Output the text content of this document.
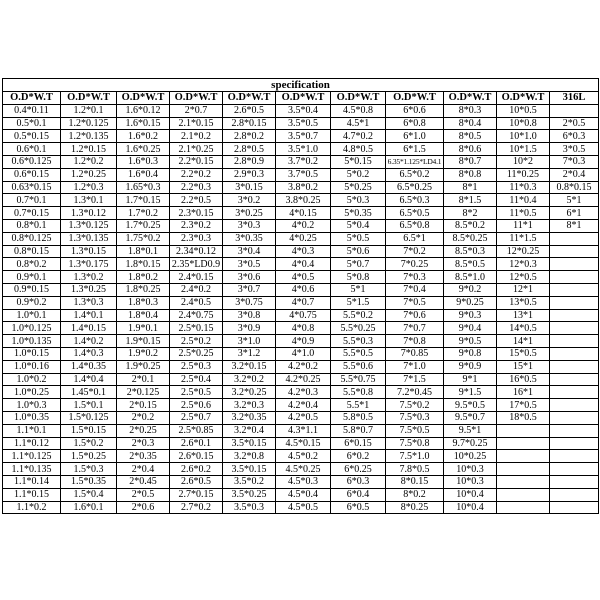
specification										
O.D*W.T	O.D*W.T	O.D*W.T	O.D*W.T	O.D*W.T	O.D*W.T	O.D*W.T	O.D*W.T	O.D*W.T	O.D*W.T	316L
0.4*0.11	1.2*0.1	1.6*0.12	2*0.7	2.6*0.5	3.5*0.4	4.5*0.8	6*0.6	8*0.3	10*0.5	
0.5*0.1	1.2*0.125	1.6*0.15	2.1*0.15	2.8*0.15	3.5*0.5	4.5*1	6*0.8	8*0.4	10*0.8	2*0.5
0.5*0.15	1.2*0.135	1.6*0.2	2.1*0.2	2.8*0.2	3.5*0.7	4.7*0.2	6*1.0	8*0.5	10*1.0	6*0.3
0.6*0.1	1.2*0.15	1.6*0.25	2.1*0.25	2.8*0.5	3.5*1.0	4.8*0.5	6*1.5	8*0.6	10*1.5	3*0.5
0.6*0.125	1.2*0.2	1.6*0.3	2.2*0.15	2.8*0.9	3.7*0.2	5*0.15	6.35*1.125*LD4.1	8*0.7	10*2	7*0.3
0.6*0.15	1.2*0.25	1.6*0.4	2.2*0.2	2.9*0.3	3.7*0.5	5*0.2	6.5*0.2	8*0.8	11*0.25	2*0.4
0.63*0.15	1.2*0.3	1.65*0.3	2.2*0.3	3*0.15	3.8*0.2	5*0.25	6.5*0.25	8*1	11*0.3	0.8*0.15
0.7*0.1	1.3*0.1	1.7*0.15	2.2*0.5	3*0.2	3.8*0.25	5*0.3	6.5*0.3	8*1.5	11*0.4	5*1
0.7*0.15	1.3*0.12	1.7*0.2	2.3*0.15	3*0.25	4*0.15	5*0.35	6.5*0.5	8*2	11*0.5	6*1
0.8*0.1	1.3*0.125	1.7*0.25	2.3*0.2	3*0.3	4*0.2	5*0.4	6.5*0.8	8.5*0.2	11*1	8*1
0.8*0.125	1.3*0.135	1.75*0.2	2.3*0.3	3*0.35	4*0.25	5*0.5	6.5*1	8.5*0.25	11*1.5	
0.8*0.15	1.3*0.15	1.8*0.1	2.34*0.12	3*0.4	4*0.3	5*0.6	7*0.2	8.5*0.3	12*0.25	
0.8*0.2	1.3*0.175	1.8*0.15	2.35*LD0.9	3*0.5	4*0.4	5*0.7	7*0.25	8.5*0.5	12*0.3	
0.9*0.1	1.3*0.2	1.8*0.2	2.4*0.15	3*0.6	4*0.5	5*0.8	7*0.3	8.5*1.0	12*0.5	
0.9*0.15	1.3*0.25	1.8*0.25	2.4*0.2	3*0.7	4*0.6	5*1	7*0.4	9*0.2	12*1	
0.9*0.2	1.3*0.3	1.8*0.3	2.4*0.5	3*0.75	4*0.7	5*1.5	7*0.5	9*0.25	13*0.5	
1.0*0.1	1.4*0.1	1.8*0.4	2.4*0.75	3*0.8	4*0.75	5.5*0.2	7*0.6	9*0.3	13*1	
1.0*0.125	1.4*0.15	1.9*0.1	2.5*0.15	3*0.9	4*0.8	5.5*0.25	7*0.7	9*0.4	14*0.5	
1.0*0.135	1.4*0.2	1.9*0.15	2.5*0.2	3*1.0	4*0.9	5.5*0.3	7*0.8	9*0.5	14*1	
1.0*0.15	1.4*0.3	1.9*0.2	2.5*0.25	3*1.2	4*1.0	5.5*0.5	7*0.85	9*0.8	15*0.5	
1.0*0.16	1.4*0.35	1.9*0.25	2.5*0.3	3.2*0.15	4.2*0.2	5.5*0.6	7*1.0	9*0.9	15*1	
1.0*0.2	1.4*0.4	2*0.1	2.5*0.4	3.2*0.2	4.2*0.25	5.5*0.75	7*1.5	9*1	16*0.5	
1.0*0.25	1.45*0.1	2*0.125	2.5*0.5	3.2*0.25	4.2*0.3	5.5*0.8	7.2*0.45	9*1.5	16*1	
1.0*0.3	1.5*0.1	2*0.15	2.5*0.6	3.2*0.3	4.2*0.4	5.5*1	7.5*0.2	9.5*0.5	17*0.5	
1.0*0.35	1.5*0.125	2*0.2	2.5*0.7	3.2*0.35	4.2*0.5	5.8*0.5	7.5*0.3	9.5*0.7	18*0.5	
1.1*0.1	1.5*0.15	2*0.25	2.5*0.85	3.2*0.4	4.3*1.1	5.8*0.7	7.5*0.5	9.5*1		
1.1*0.12	1.5*0.2	2*0.3	2.6*0.1	3.5*0.15	4.5*0.15	6*0.15	7.5*0.8	9.7*0.25		
1.1*0.125	1.5*0.25	2*0.35	2.6*0.15	3.2*0.8	4.5*0.2	6*0.2	7.5*1.0	10*0.25		
1.1*0.135	1.5*0.3	2*0.4	2.6*0.2	3.5*0.15	4.5*0.25	6*0.25	7.8*0.5	10*0.3		
1.1*0.14	1.5*0.35	2*0.45	2.6*0.5	3.5*0.2	4.5*0.3	6*0.3	8*0.15	10*0.3		
1.1*0.15	1.5*0.4	2*0.5	2.7*0.15	3.5*0.25	4.5*0.4	6*0.4	8*0.2	10*0.4		
1.1*0.2	1.6*0.1	2*0.6	2.7*0.2	3.5*0.3	4.5*0.5	6*0.5	8*0.25	10*0.4		
